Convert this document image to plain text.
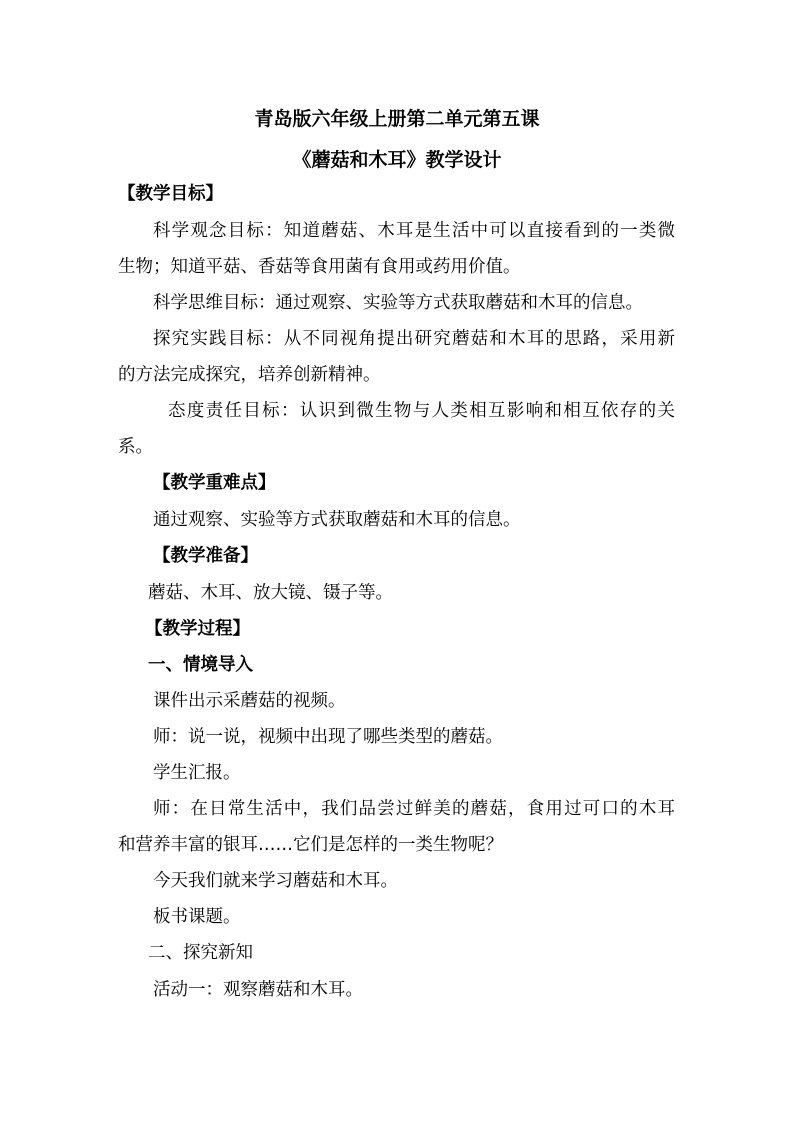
青岛版六年级上册第二单元第五课
《蘑菇和木耳》教学设计
【教学目标】
科学观念目标：知道蘑菇、木耳是生活中可以直接看到的一类微
生物；知道平菇、香菇等食用菌有食用或药用价值。
科学思维目标：通过观察、实验等方式获取蘑菇和木耳的信息。
探究实践目标：从不同视角提出研究蘑菇和木耳的思路，采用新
的方法完成探究，培养创新精神。
态度责任目标：认识到微生物与人类相互影响和相互依存的关
系。
【教学重难点】
通过观察、实验等方式获取蘑菇和木耳的信息。
【教学准备】
蘑菇、木耳、放大镜、镊子等。
【教学过程】
一、情境导入
课件出示采蘑菇的视频。
师：说一说，视频中出现了哪些类型的蘑菇。
学生汇报。
师：在日常生活中，我们品尝过鲜美的蘑菇，食用过可口的木耳
和营养丰富的银耳……它们是怎样的一类生物呢？
今天我们就来学习蘑菇和木耳。
板书课题。
二、探究新知
活动一：观察蘑菇和木耳。
